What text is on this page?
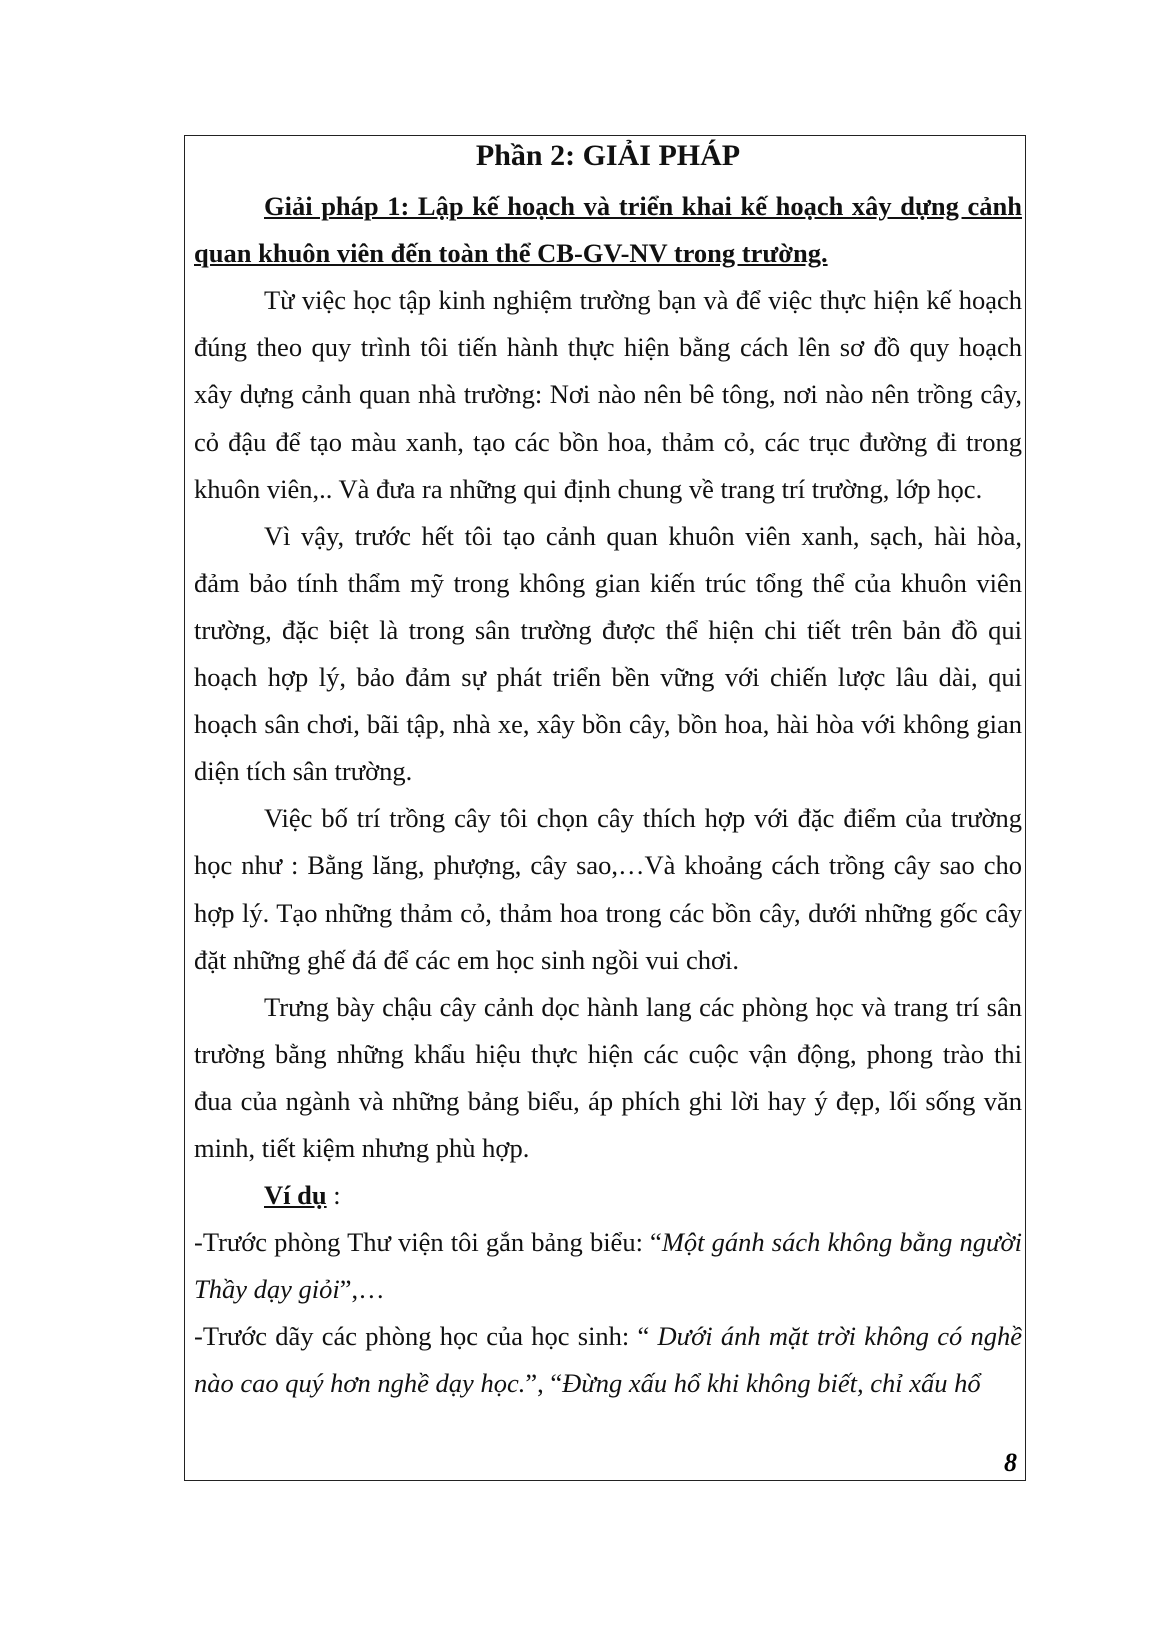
Phần 2: GIẢI PHÁP

Giải pháp 1: Lập kế hoạch và triển khai kế hoạch xây dựng cảnh quan khuôn viên đến toàn thể CB-GV-NV trong trường.

Từ việc học tập kinh nghiệm trường bạn và để việc thực hiện kế hoạch đúng theo quy trình tôi tiến hành thực hiện bằng cách lên sơ đồ quy hoạch xây dựng cảnh quan nhà trường: Nơi nào nên bê tông, nơi nào nên trồng cây, cỏ đậu để tạo màu xanh, tạo các bồn hoa, thảm cỏ, các trục đường đi trong khuôn viên,.. Và đưa ra những qui định chung về trang trí trường, lớp học.

Vì vậy, trước hết tôi tạo cảnh quan khuôn viên xanh, sạch, hài hòa, đảm bảo tính thẩm mỹ trong không gian kiến trúc tổng thể của khuôn viên trường, đặc biệt là trong sân trường được thể hiện chi tiết trên bản đồ qui hoạch hợp lý, bảo đảm sự phát triển bền vững với chiến lược lâu dài, qui hoạch sân chơi, bãi tập, nhà xe, xây bồn cây, bồn hoa, hài hòa với không gian diện tích sân trường.

Việc bố trí trồng cây tôi chọn cây thích hợp với đặc điểm của trường học như : Bằng lăng, phượng, cây sao,…Và khoảng cách trồng cây sao cho hợp lý. Tạo những thảm cỏ, thảm hoa trong các bồn cây, dưới những gốc cây đặt những ghế đá để các em học sinh ngồi vui chơi.

Trưng bày chậu cây cảnh dọc hành lang các phòng học và trang trí sân trường bằng những khẩu hiệu thực hiện các cuộc vận động, phong trào thi đua của ngành và những bảng biểu, áp phích ghi lời hay ý đẹp, lối sống văn minh, tiết kiệm nhưng phù hợp.

Ví dụ :

-Trước phòng Thư viện tôi gắn bảng biểu: “Một gánh sách không bằng người Thầy dạy giỏi”,…

-Trước dãy các phòng học của học sinh: “ Dưới ánh mặt trời không có nghề nào cao quý hơn nghề dạy học.”, “Đừng xấu hổ khi không biết, chỉ xấu hổ

8
